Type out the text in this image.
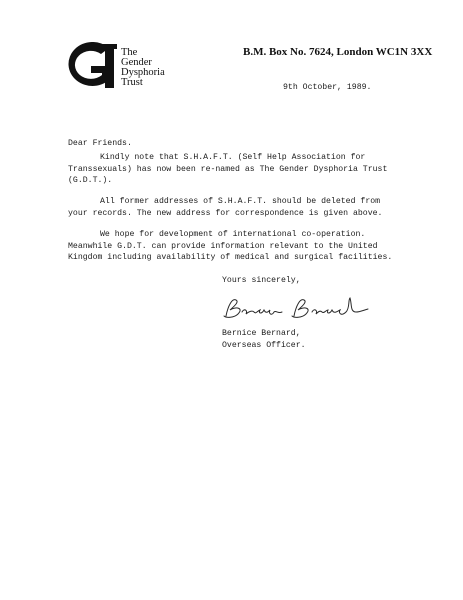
The
Gender
Dysphoria
Trust
B.M. Box No. 7624, London WC1N 3XX
9th October, 1989.
Dear Friends.
Kindly note that S.H.A.F.T. (Self Help Association for
Transsexuals) has now been re-named as The Gender Dysphoria Trust
(G.D.T.).
All former addresses of S.H.A.F.T. should be deleted from
your records. The new address for correspondence is given above.
We hope for development of international co-operation.
Meanwhile G.D.T. can provide information relevant to the United
Kingdom including availability of medical and surgical facilities.
Yours sincerely,
Bernice Bernard,
Overseas Officer.
